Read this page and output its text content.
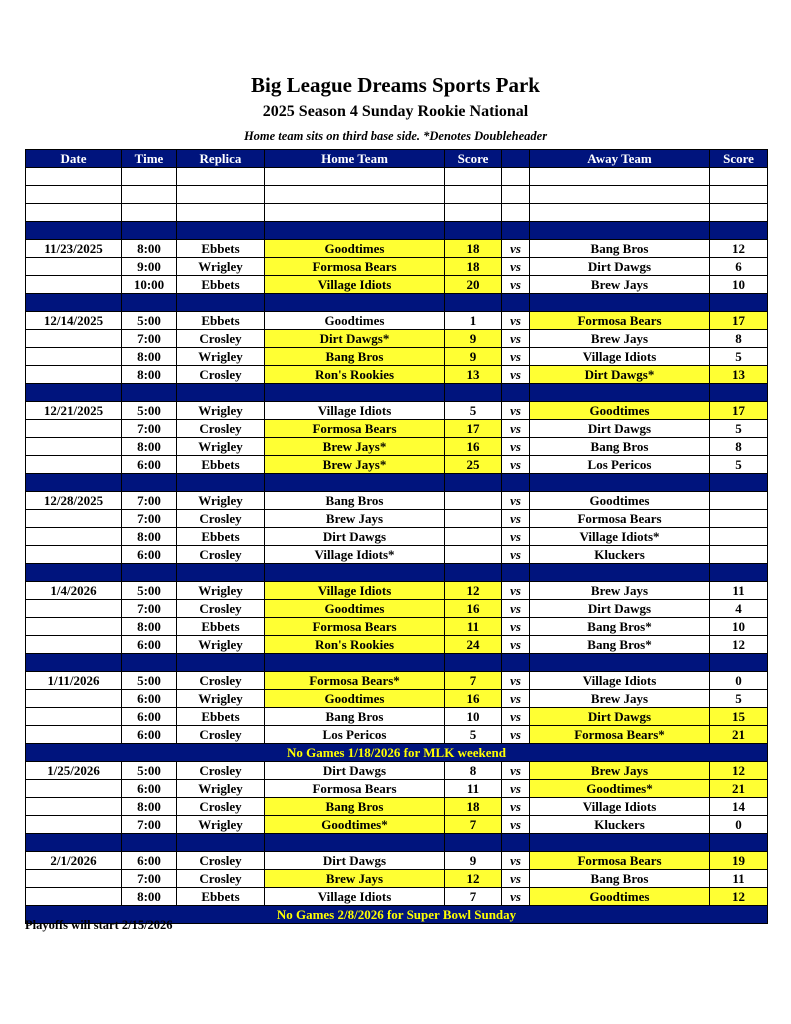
Big League Dreams Sports Park
2025 Season 4 Sunday Rookie National
Home team sits on third base side. *Denotes Doubleheader
Date	Time	Replica	Home Team	Score		Away Team	Score

11/23/2025	8:00	Ebbets	Goodtimes	18	vs	Bang Bros	12
	9:00	Wrigley	Formosa Bears	18	vs	Dirt Dawgs	6
	10:00	Ebbets	Village Idiots	20	vs	Brew Jays	10

12/14/2025	5:00	Ebbets	Goodtimes	1	vs	Formosa Bears	17
	7:00	Crosley	Dirt Dawgs*	9	vs	Brew Jays	8
	8:00	Wrigley	Bang Bros	9	vs	Village Idiots	5
	8:00	Crosley	Ron's Rookies	13	vs	Dirt Dawgs*	13

12/21/2025	5:00	Wrigley	Village Idiots	5	vs	Goodtimes	17
	7:00	Crosley	Formosa Bears	17	vs	Dirt Dawgs	5
	8:00	Wrigley	Brew Jays*	16	vs	Bang Bros	8
	6:00	Ebbets	Brew Jays*	25	vs	Los Pericos	5

12/28/2025	7:00	Wrigley	Bang Bros		vs	Goodtimes	
	7:00	Crosley	Brew Jays		vs	Formosa Bears	
	8:00	Ebbets	Dirt Dawgs		vs	Village Idiots*	
	6:00	Crosley	Village Idiots*		vs	Kluckers	

1/4/2026	5:00	Wrigley	Village Idiots	12	vs	Brew Jays	11
	7:00	Crosley	Goodtimes	16	vs	Dirt Dawgs	4
	8:00	Ebbets	Formosa Bears	11	vs	Bang Bros*	10
	6:00	Wrigley	Ron's Rookies	24	vs	Bang Bros*	12

1/11/2026	5:00	Crosley	Formosa Bears*	7	vs	Village Idiots	0
	6:00	Wrigley	Goodtimes	16	vs	Brew Jays	5
	6:00	Ebbets	Bang Bros	10	vs	Dirt Dawgs	15
	6:00	Crosley	Los Pericos	5	vs	Formosa Bears*	21
No Games 1/18/2026 for MLK weekend							
1/25/2026	5:00	Crosley	Dirt Dawgs	8	vs	Brew Jays	12
	6:00	Wrigley	Formosa Bears	11	vs	Goodtimes*	21
	8:00	Crosley	Bang Bros	18	vs	Village Idiots	14
	7:00	Wrigley	Goodtimes*	7	vs	Kluckers	0

2/1/2026	6:00	Crosley	Dirt Dawgs	9	vs	Formosa Bears	19
	7:00	Crosley	Brew Jays	12	vs	Bang Bros	11
	8:00	Ebbets	Village Idiots	7	vs	Goodtimes	12
No Games 2/8/2026 for Super Bowl Sunday							
Playoffs will start 2/15/2026
